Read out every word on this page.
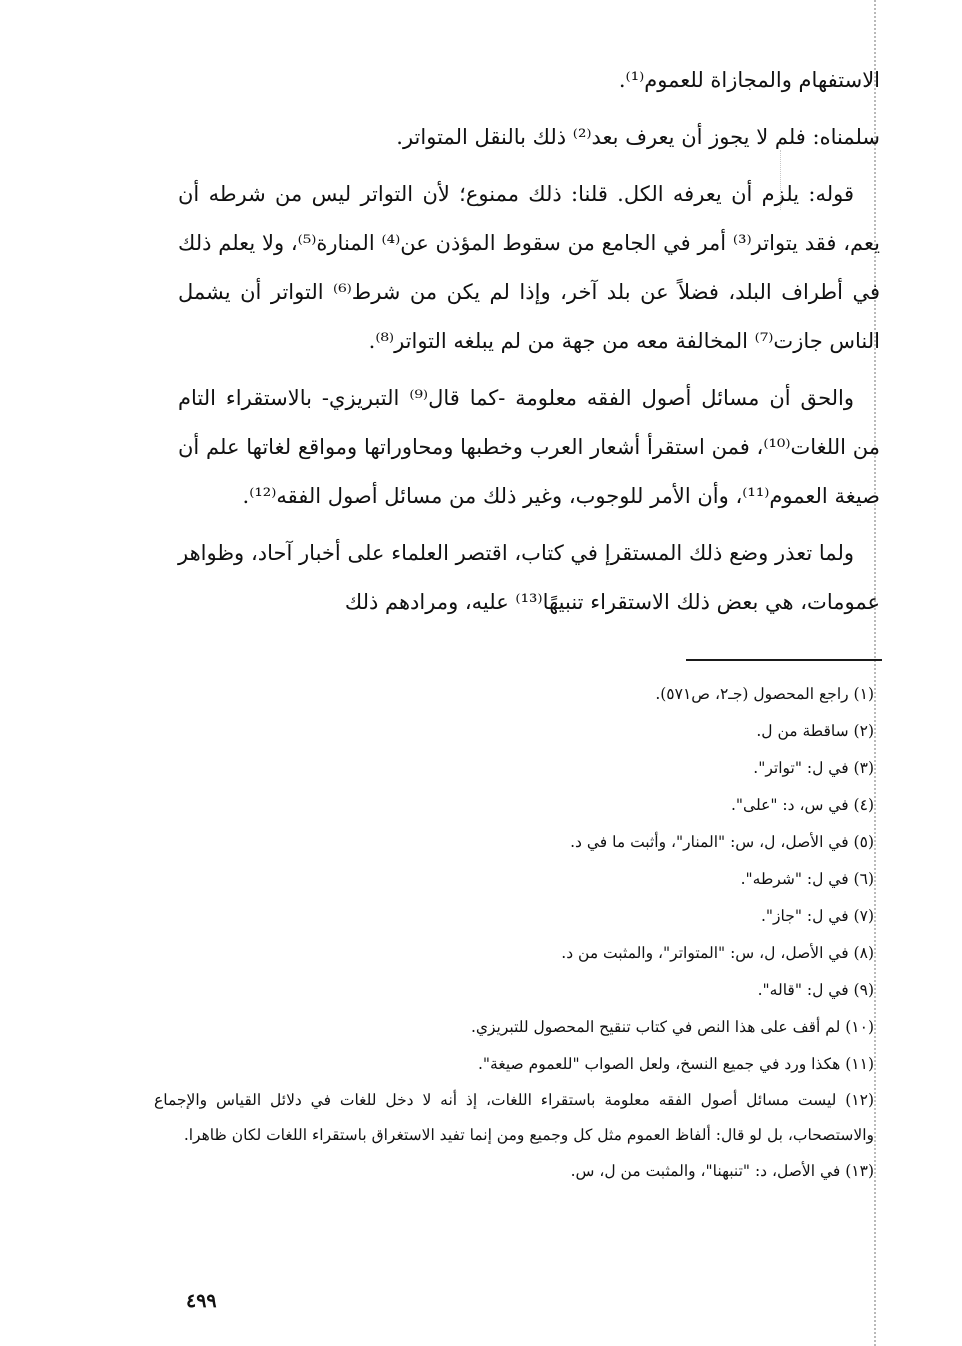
الاستفهام والمجازاة للعموم⁽¹⁾.

سلمناه: فلم لا يجوز أن يعرف بعد⁽²⁾ ذلك بالنقل المتواتر.

قوله: يلزم أن يعرفه الكل. قلنا: ذلك ممنوع؛ لأن التواتر ليس من شرطه أن يعم، فقد يتواتر⁽³⁾ أمر في الجامع من سقوط المؤذن عن⁽⁴⁾ المنارة⁽⁵⁾، ولا يعلم ذلك في أطراف البلد، فضلاً عن بلد آخر، وإذا لم يكن من شرط⁽⁶⁾ التواتر أن يشمل الناس جازت⁽⁷⁾ المخالفة معه من جهة من لم يبلغه التواتر⁽⁸⁾.

والحق أن مسائل أصول الفقه معلومة -كما قال⁽⁹⁾ التبريزي- بالاستقراء التام من اللغات⁽¹⁰⁾، فمن استقرأ أشعار العرب وخطبها ومحاوراتها ومواقع لغاتها علم أن صيغة العموم⁽¹¹⁾، وأن الأمر للوجوب، وغير ذلك من مسائل أصول الفقه⁽¹²⁾.

ولما تعذر وضع ذلك المستقرإ في كتاب، اقتصر العلماء على أخبار آحاد، وظواهر عمومات، هي بعض ذلك الاستقراء تنبيهًا⁽¹³⁾ عليه، ومرادهم ذلك

(١) راجع المحصول (جـ٢، ص٥٧١).

(٢) ساقطة من ل.

(٣) في ل: "تواتر".

(٤) في س، د: "على".

(٥) في الأصل، ل، س: "المنار"، وأثبت ما في د.

(٦) في ل: "شرطه".

(٧) في ل: "جاز".

(٨) في الأصل، ل، س: "المتواتر"، والمثبت من د.

(٩) في ل: "قاله".

(١٠) لم أقف على هذا النص في كتاب تنقيح المحصول للتبريزي.

(١١) هكذا ورد في جميع النسخ، ولعل الصواب "للعموم صيغة".

(١٢) ليست مسائل أصول الفقه معلومة باستقراء اللغات، إذ أنه لا دخل للغات في دلائل القياس والإجماع والاستصحاب، بل لو قال: ألفاظ العموم مثل كل وجميع ومن إنما تفيد الاستغراق باستقراء اللغات لكان ظاهرا.

(١٣) في الأصل، د: "تنبهنا"، والمثبت من ل، س.

٤٩٩
